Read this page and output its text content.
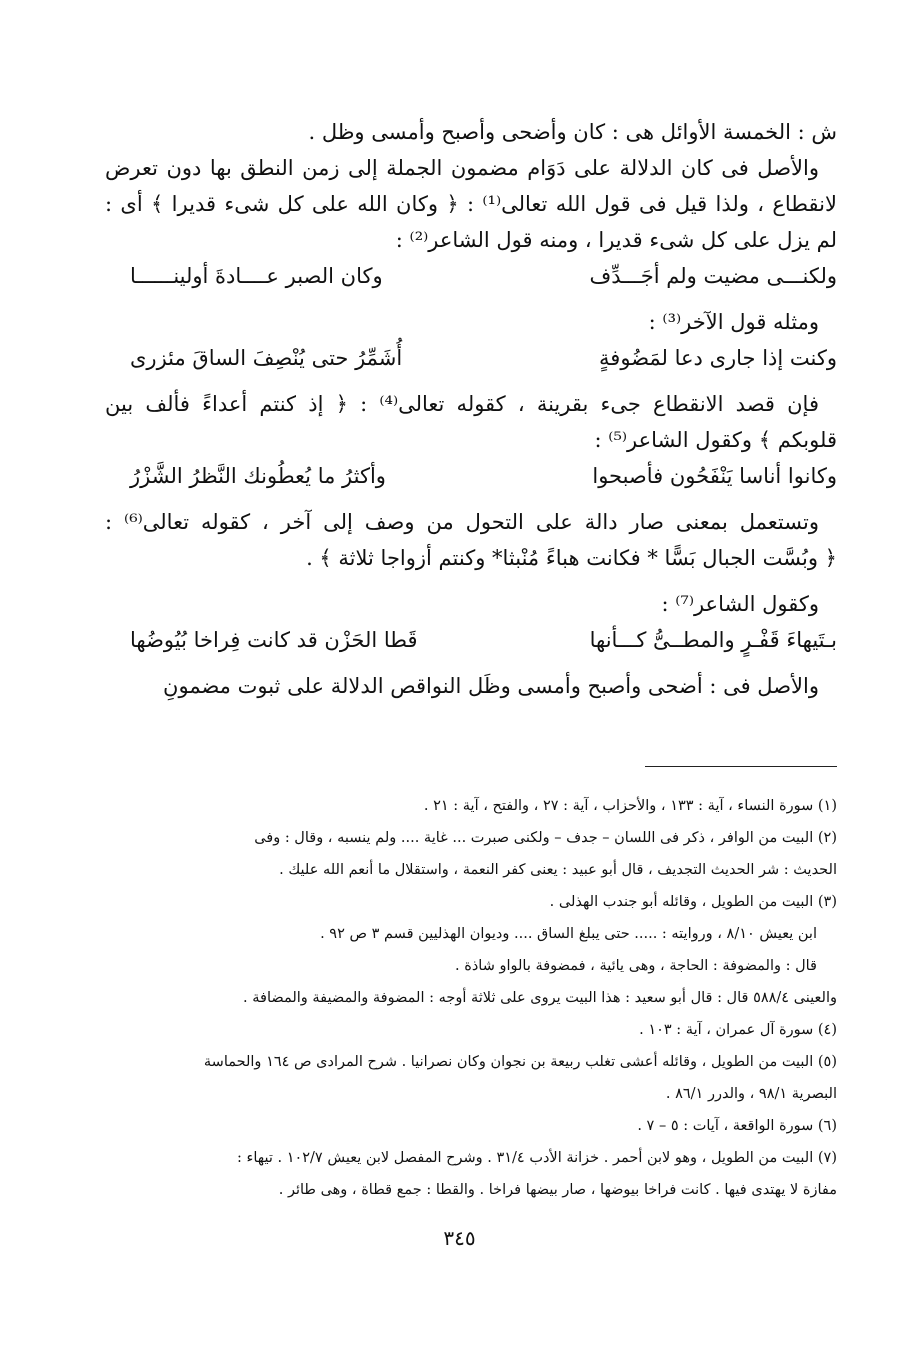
ش : الخمسة الأوائل هى : كان وأضحى وأصبح وأمسى وظل .
والأصل فى كان الدلالة على دَوَام مضمون الجملة إلى زمن النطق بها دون تعرض
لانقطاع ، ولذا قيل فى قول الله تعالى⁽¹⁾ : ﴿ وكان الله على كل شىء قديرا ﴾ أى :
لم يزل على كل شىء قديرا ، ومنه قول الشاعر⁽²⁾ :
ولكنـــى مضيت ولم أجَـــدِّف
وكان الصبر عــــادةَ أولينــــــا
ومثله قول الآخر⁽³⁾ :
وكنت إذا جارى دعا لمَضُوفةٍ
أُشَمِّرُ حتى يُنْصِفَ الساقَ مئزرى
فإن قصد الانقطاع جىء بقرينة ، كقوله تعالى⁽⁴⁾ : ﴿ إذ كنتم أعداءً فألف بين
قلوبكم ﴾ وكقول الشاعر⁽⁵⁾ :
وكانوا أناسا يَنْفَحُون فأصبحوا
وأكثرُ ما يُعطُونك النَّظرُ الشَّزْرُ
وتستعمل بمعنى صار دالة على التحول من وصف إلى آخر ، كقوله تعالى⁽⁶⁾ :
﴿ وبُسَّت الجبال بَسًّا * فكانت هباءً مُنْبثا* وكنتم أزواجا ثلاثة ﴾ .
وكقول الشاعر⁽⁷⁾ :
بـتَيهاءَ قَفْـرٍ والمطــىُّ كـــأنها
قَطا الحَزْن قد كانت فِراخا بُيُوضُها
والأصل فى : أضحى وأصبح وأمسى وظَل النواقص الدلالة على ثبوت مضمونِ
(١) سورة النساء ، آية : ١٣٣ ، والأحزاب ، آية : ٢٧ ، والفتح ، آية : ٢١ .
(٢) البيت من الوافر ، ذكر فى اللسان – جدف – ولكنى صبرت ... غاية .... ولم ينسبه ، وقال : وفى
الحديث : شر الحديث التجديف ، قال أبو عبيد : يعنى كفر النعمة ، واستقلال ما أنعم الله عليك .
(٣) البيت من الطويل ، وقائله أبو جندب الهذلى .
ابن يعيش ٨/١٠ ، وروايته : ..... حتى يبلغ الساق .... وديوان الهذليين قسم ٣ ص ٩٢ .
قال : والمضوفة : الحاجة ، وهى يائية ، فمضوفة بالواو شاذة .
والعينى ٥٨٨/٤ قال : قال أبو سعيد : هذا البيت يروى على ثلاثة أوجه : المضوفة والمضيفة والمضافة .
(٤) سورة آل عمران ، آية : ١٠٣ .
(٥) البيت من الطويل ، وقائله أعشى تغلب ربيعة بن نجوان وكان نصرانيا . شرح المرادى ص ١٦٤ والحماسة
البصرية ٩٨/١ ، والدرر ٨٦/١ .
(٦) سورة الواقعة ، آيات : ٥ – ٧ .
(٧) البيت من الطويل ، وهو لابن أحمر . خزانة الأدب ٣١/٤ . وشرح المفصل لابن يعيش ١٠٢/٧ . تيهاء :
مفازة لا يهتدى فيها . كانت فراخا بيوضها ، صار بيضها فراخا . والقطا : جمع قطاة ، وهى طائر .
٣٤٥
